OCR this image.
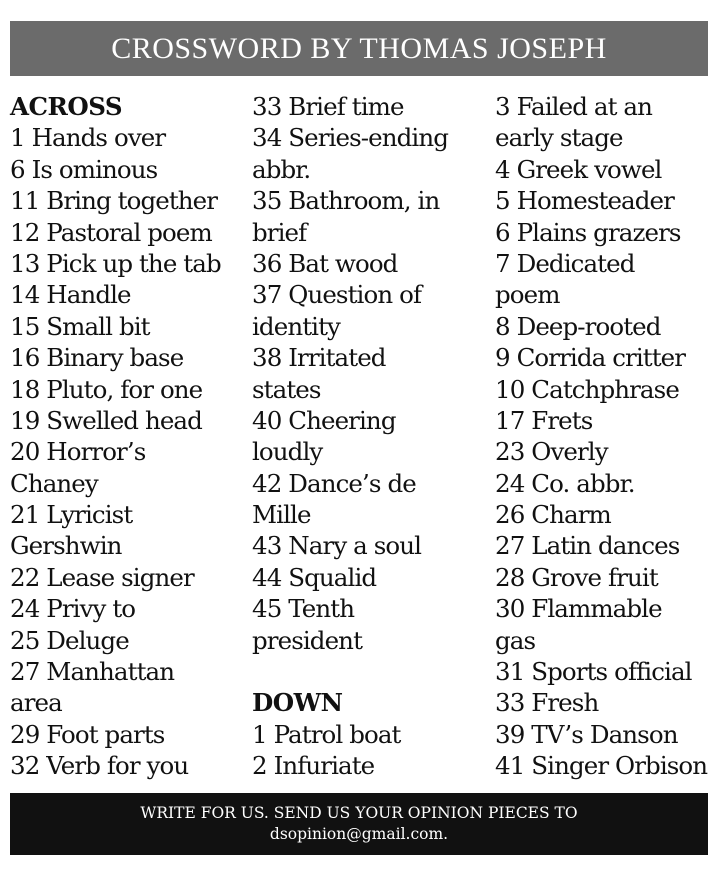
CROSSWORD BY THOMAS JOSEPH
ACROSS
1 Hands over
6 Is ominous
11 Bring together
12 Pastoral poem
13 Pick up the tab
14 Handle
15 Small bit
16 Binary base
18 Pluto, for one
19 Swelled head
20 Horror’s
Chaney
21 Lyricist
Gershwin
22 Lease signer
24 Privy to
25 Deluge
27 Manhattan
area
29 Foot parts
32 Verb for you
33 Brief time
34 Series-ending
abbr.
35 Bathroom, in
brief
36 Bat wood
37 Question of
identity
38 Irritated
states
40 Cheering
loudly
42 Dance’s de
Mille
43 Nary a soul
44 Squalid
45 Tenth
president
DOWN
1 Patrol boat
2 Infuriate
3 Failed at an
early stage
4 Greek vowel
5 Homesteader
6 Plains grazers
7 Dedicated
poem
8 Deep-rooted
9 Corrida critter
10 Catchphrase
17 Frets
23 Overly
24 Co. abbr.
26 Charm
27 Latin dances
28 Grove fruit
30 Flammable
gas
31 Sports official
33 Fresh
39 TV’s Danson
41 Singer Orbison
WRITE FOR US. SEND US YOUR OPINION PIECES TO
dsopinion@gmail.com.
